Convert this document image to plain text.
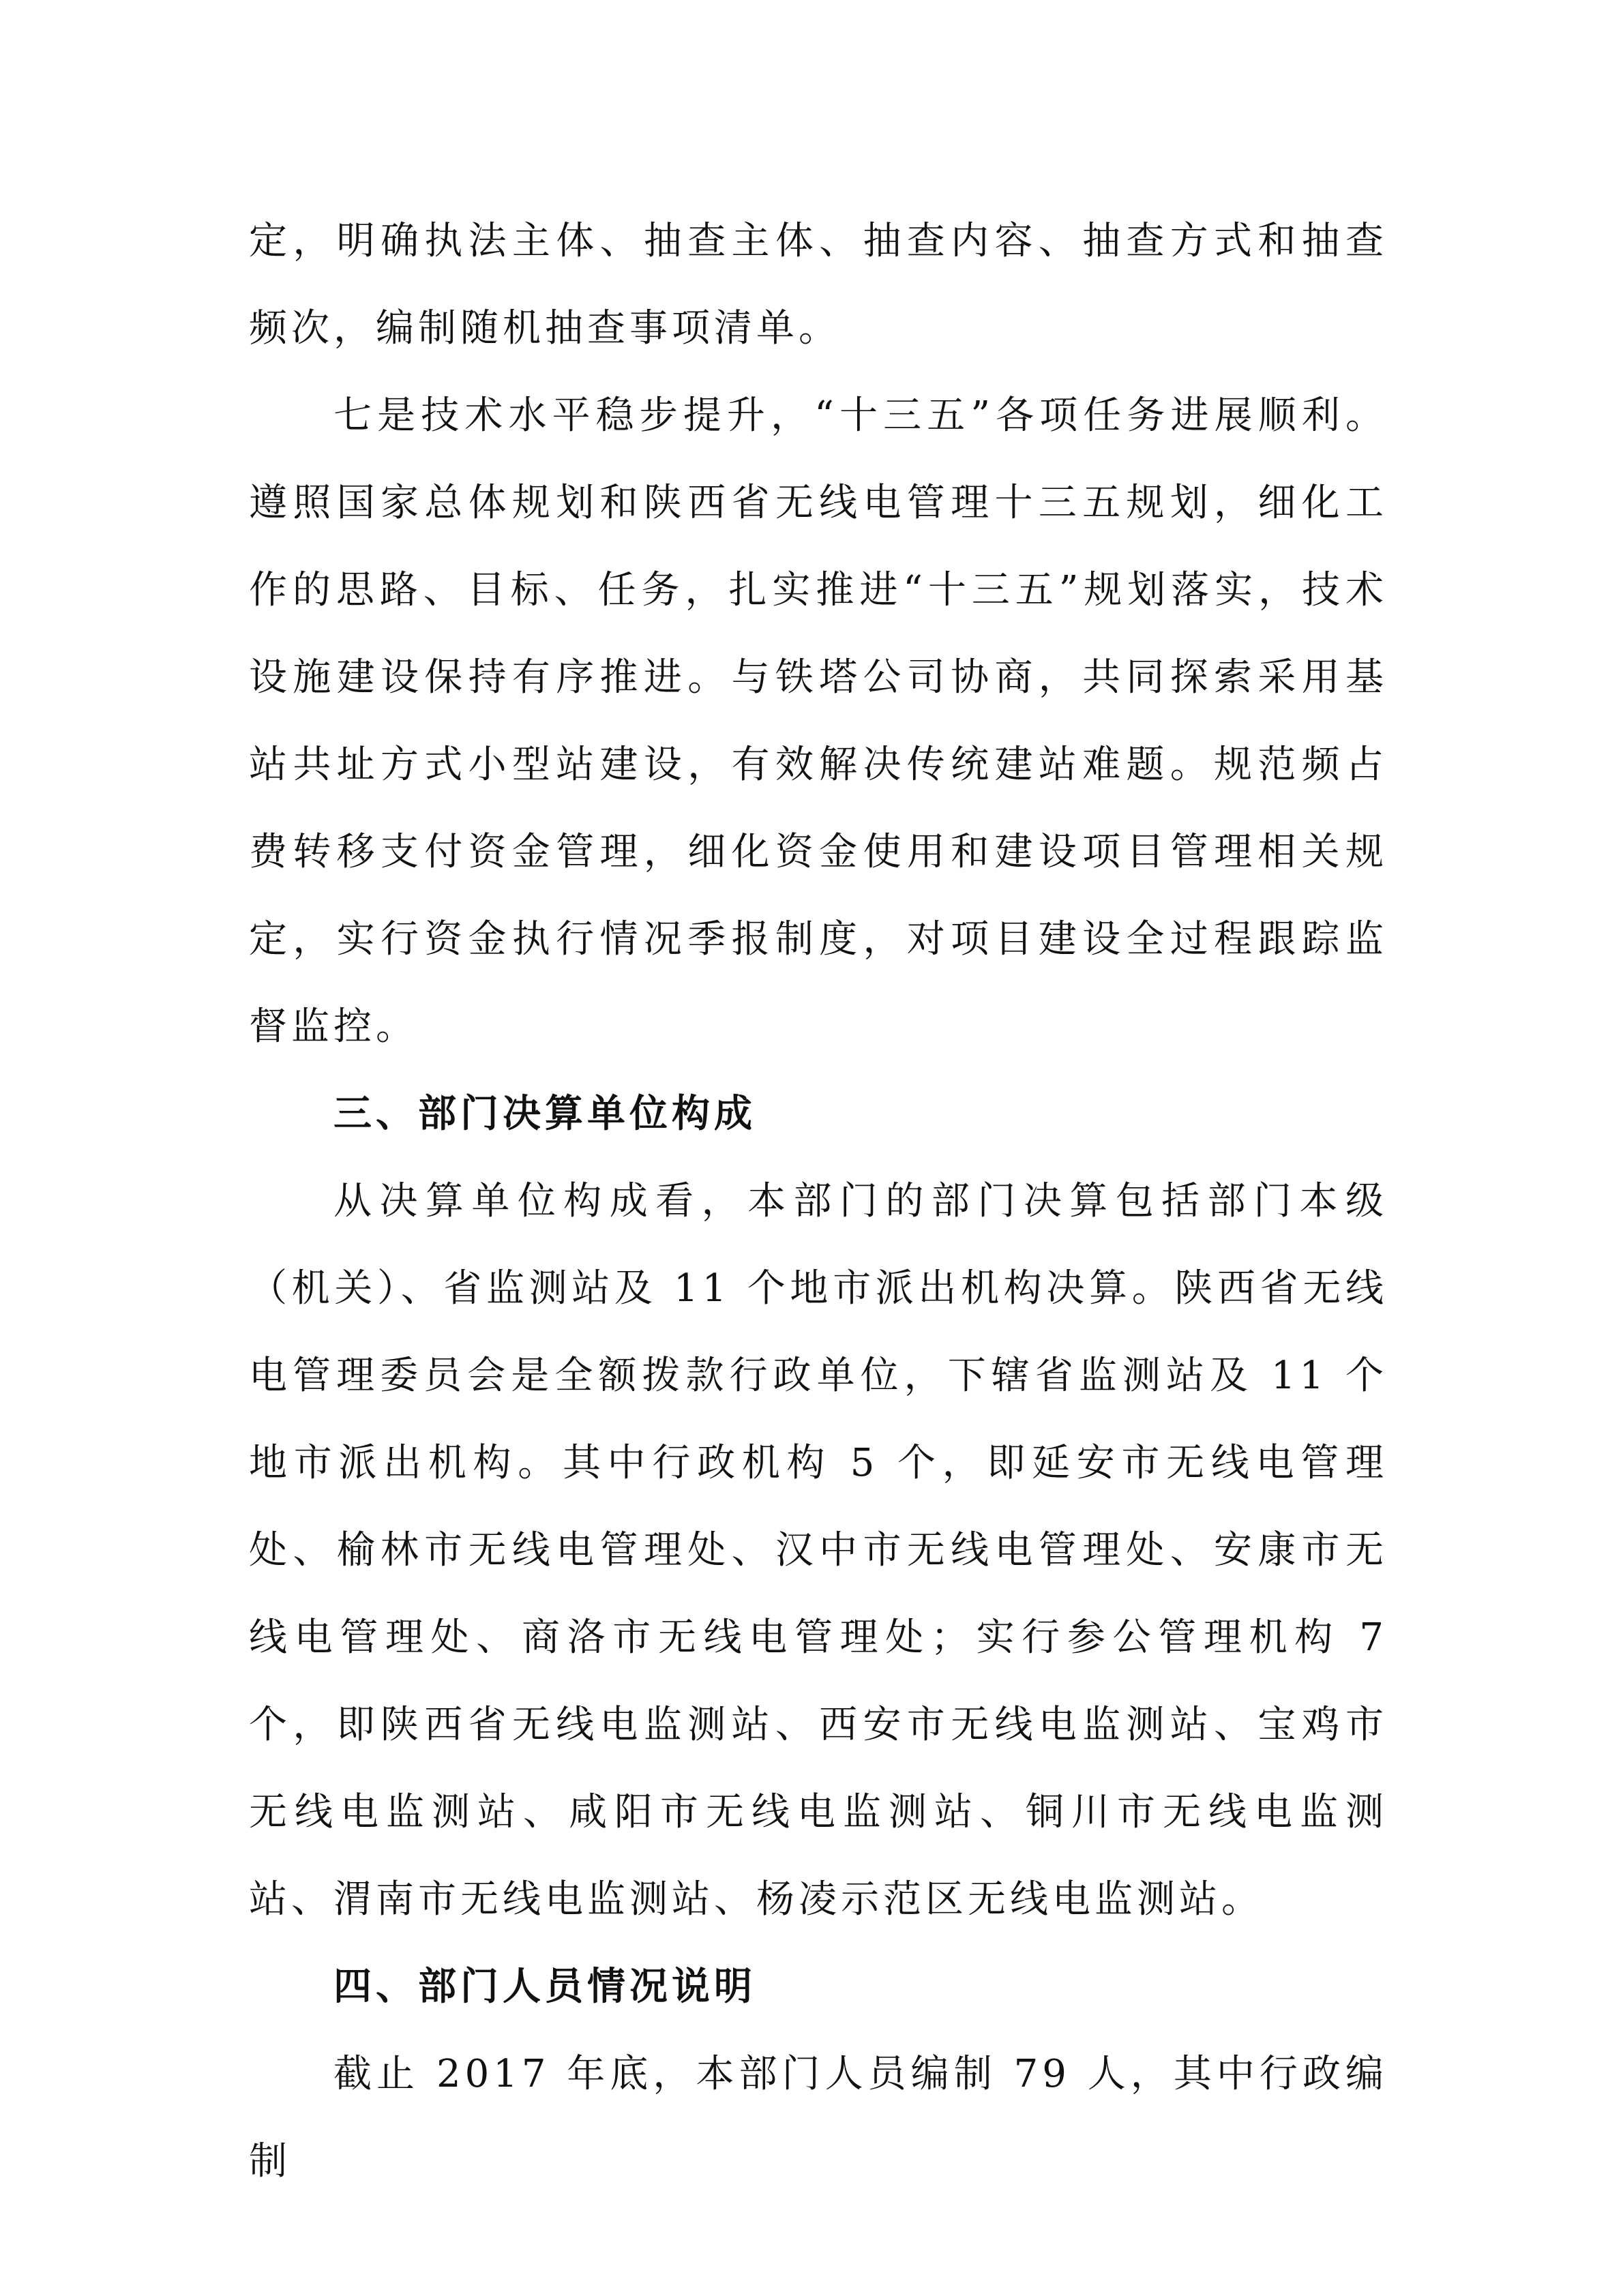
定，明确执法主体、抽查主体、抽查内容、抽查方式和抽查频次，编制随机抽查事项清单。

七是技术水平稳步提升，“十三五”各项任务进展顺利。遵照国家总体规划和陕西省无线电管理十三五规划，细化工作的思路、目标、任务，扎实推进“十三五”规划落实，技术设施建设保持有序推进。与铁塔公司协商，共同探索采用基站共址方式小型站建设，有效解决传统建站难题。规范频占费转移支付资金管理，细化资金使用和建设项目管理相关规定，实行资金执行情况季报制度，对项目建设全过程跟踪监督监控。

三、部门决算单位构成

从决算单位构成看，本部门的部门决算包括部门本级（机关）、省监测站及 11 个地市派出机构决算。陕西省无线电管理委员会是全额拨款行政单位，下辖省监测站及 11 个地市派出机构。其中行政机构 5 个，即延安市无线电管理处、榆林市无线电管理处、汉中市无线电管理处、安康市无线电管理处、商洛市无线电管理处；实行参公管理机构 7 个，即陕西省无线电监测站、西安市无线电监测站、宝鸡市无线电监测站、咸阳市无线电监测站、铜川市无线电监测站、渭南市无线电监测站、杨凌示范区无线电监测站。

四、部门人员情况说明

截止 2017 年底，本部门人员编制 79 人，其中行政编制
